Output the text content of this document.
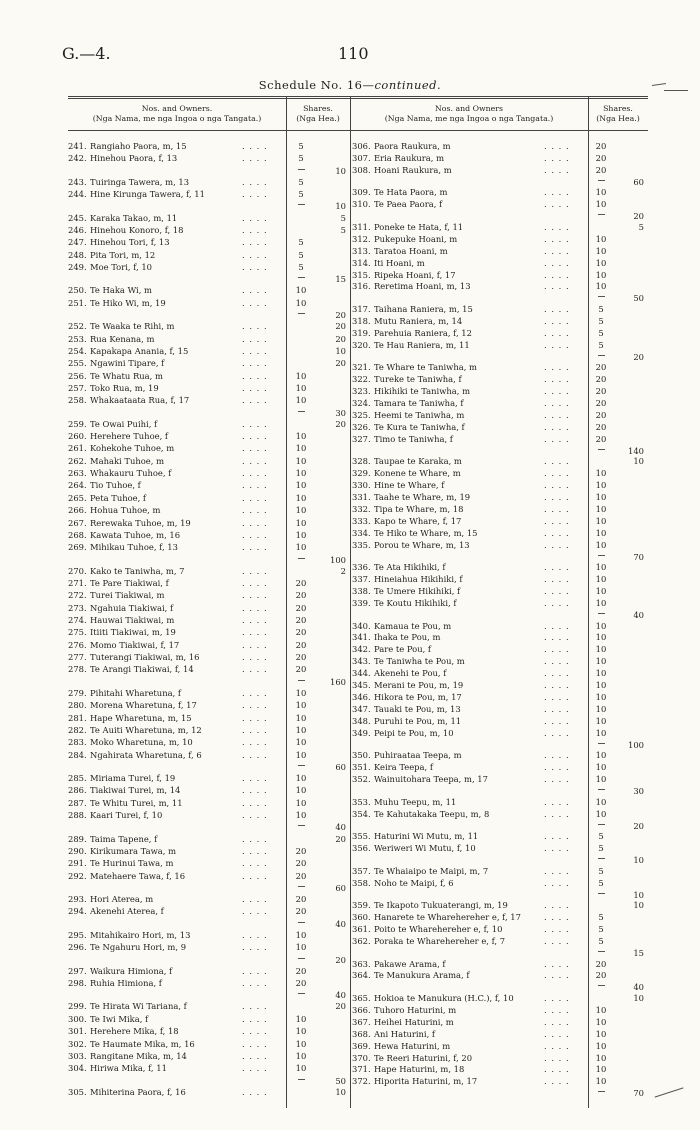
G.—4.	110
Schedule No. 16—continued.
Nos. and Owners.
(Nga Nama, me nga Ingoa o nga Tangata.)
Shares.
(Nga Hea.)
Nos. and Owners
(Nga Nama, me nga Ingoa o nga Tangata.)
Shares.
(Nga Hea.)
241. Rangiaho Paora, m, 15	. . . .	5
242. Hinehou Paora, f, 13	. . . .	5
10
243. Tuiringa Tawera, m, 13	. . . .	5
244. Hine Kirunga Tawera, f, 11	. . . .	5
10
245. Karaka Takao, m, 11	. . . .	5
246. Hinehou Konoro, f, 18	. . . .	5
247. Hinehou Tori, f, 13	. . . .	5
248. Pita Tori, m, 12	. . . .	5
249. Moe Tori, f, 10	. . . .	5
15
250. Te Haka Wi, m	. . . .	10
251. Te Hiko Wi, m, 19	. . . .	10
20
252. Te Waaka te Rihi, m	. . . .	20
253. Rua Kenana, m	. . . .	20
254. Kapakapa Anania, f, 15	. . . .	10
255. Ngawini Tipare, f	. . . .	20
256. Te Whatu Rua, m	. . . .	10
257. Toko Rua, m, 19	. . . .	10
258. Whakaataata Rua, f, 17	. . . .	10
30
259. Te Owai Puihi, f	. . . .	20
260. Herehere Tuhoe, f	. . . .	10
261. Kohekohe Tuhoe, m	. . . .	10
262. Mahaki Tuhoe, m	. . . .	10
263. Whakauru Tuhoe, f	. . . .	10
264. Tio Tuhoe, f	. . . .	10
265. Peta Tuhoe, f	. . . .	10
266. Hohua Tuhoe, m	. . . .	10
267. Rerewaka Tuhoe, m, 19	. . . .	10
268. Kawata Tuhoe, m, 16	. . . .	10
269. Mihikau Tuhoe, f, 13	. . . .	10
100
270. Kako te Taniwha, m, 7	. . . .	2
271. Te Pare Tiakiwai, f	. . . .	20
272. Turei Tiakiwai, m	. . . .	20
273. Ngahuia Tiakiwai, f	. . . .	20
274. Hauwai Tiakiwai, m	. . . .	20
275. Itiiti Tiakiwai, m, 19	. . . .	20
276. Momo Tiakiwai, f, 17	. . . .	20
277. Tuterangi Tiakiwai, m, 16	. . . .	20
278. Te Arangi Tiakiwai, f, 14	. . . .	20
160
279. Pihitahi Wharetuna, f	. . . .	10
280. Morena Wharetuna, f, 17	. . . .	10
281. Hape Wharetuna, m, 15	. . . .	10
282. Te Auiti Wharetuna, m, 12	. . . .	10
283. Moko Wharetuna, m, 10	. . . .	10
284. Ngahirata Wharetuna, f, 6	. . . .	10
60
285. Miriama Turei, f, 19	. . . .	10
286. Tiakiwai Turei, m, 14	. . . .	10
287. Te Whitu Turei, m, 11	. . . .	10
288. Kaari Turei, f, 10	. . . .	10
40
289. Taima Tapene, f	. . . .	20
290. Kirikumara Tawa, m	. . . .	20
291. Te Hurinui Tawa, m	. . . .	20
292. Matehaere Tawa, f, 16	. . . .	20
60
293. Hori Aterea, m	. . . .	20
294. Akenehi Aterea, f	. . . .	20
40
295. Mitahikairo Hori, m, 13	. . . .	10
296. Te Ngahuru Hori, m, 9	. . . .	10
20
297. Waikura Himiona, f	. . . .	20
298. Ruhia Himiona, f	. . . .	20
40
299. Te Hirata Wi Tariana, f	. . . .	20
300. Te Iwi Mika, f	. . . .	10
301. Herehere Mika, f, 18	. . . .	10
302. Te Haumate Mika, m, 16	. . . .	10
303. Rangitane Mika, m, 14	. . . .	10
304. Hiriwa Mika, f, 11	. . . .	10
50
305. Mihiterina Paora, f, 16	. . . .	10
306. Paora Raukura, m	. . . .	20
307. Eria Raukura, m	. . . .	20
308. Hoani Raukura, m	. . . .	20
60
309. Te Hata Paora, m	. . . .	10
310. Te Paea Paora, f	. . . .	10
20
311. Poneke te Hata, f, 11	. . . .	5
312. Pukepuke Hoani, m	. . . .	10
313. Taratoa Hoani, m	. . . .	10
314. Iti Hoani, m	. . . .	10
315. Ripeka Hoani, f, 17	. . . .	10
316. Reretima Hoani, m, 13	. . . .	10
50
317. Taihana Raniera, m, 15	. . . .	5
318. Mutu Raniera, m, 14	. . . .	5
319. Parehuia Raniera, f, 12	. . . .	5
320. Te Hau Raniera, m, 11	. . . .	5
20
321. Te Whare te Taniwha, m	. . . .	20
322. Tureke te Taniwha, f	. . . .	20
323. Hikihiki te Taniwha, m	. . . .	20
324. Tamara te Taniwha, f	. . . .	20
325. Heemi te Taniwha, m	. . . .	20
326. Te Kura te Taniwha, f	. . . .	20
327. Timo te Taniwha, f	. . . .	20
140
328. Taupae te Karaka, m	. . . .	10
329. Konene te Whare, m	. . . .	10
330. Hine te Whare, f	. . . .	10
331. Taahe te Whare, m, 19	. . . .	10
332. Tipa te Whare, m, 18	. . . .	10
333. Kapo te Whare, f, 17	. . . .	10
334. Te Hiko te Whare, m, 15	. . . .	10
335. Porou te Whare, m, 13	. . . .	10
70
336. Te Ata Hikihiki, f	. . . .	10
337. Hineiahua Hikihiki, f	. . . .	10
338. Te Umere Hikihiki, f	. . . .	10
339. Te Koutu Hikihiki, f	. . . .	10
40
340. Kamaua te Pou, m	. . . .	10
341. Ihaka te Pou, m	. . . .	10
342. Pare te Pou, f	. . . .	10
343. Te Taniwha te Pou, m	. . . .	10
344. Akenehi te Pou, f	. . . .	10
345. Merani te Pou, m, 19	. . . .	10
346. Hikora te Pou, m, 17	. . . .	10
347. Tauaki te Pou, m, 13	. . . .	10
348. Puruhi te Pou, m, 11	. . . .	10
349. Peipi te Pou, m, 10	. . . .	10
100
350. Puhiraataa Teepa, m	. . . .	10
351. Keira Teepa, f	. . . .	10
352. Wainuitohara Teepa, m, 17	. . . .	10
30
353. Muhu Teepu, m, 11	. . . .	10
354. Te Kahutakaka Teepu, m, 8	. . . .	10
20
355. Haturini Wi Mutu, m, 11	. . . .	5
356. Weriweri Wi Mutu, f, 10	. . . .	5
10
357. Te Whaiaipo te Maipi, m, 7	. . . .	5
358. Noho te Maipi, f, 6	. . . .	5
10
359. Te Ikapoto Tukuaterangi, m, 19	. . . .	10
360. Hanarete te Wharehereher e, f, 17	. . . .	5
361. Poito te Wharehereher e, f, 10	. . . .	5
362. Poraka te Wharehereher e, f, 7	. . . .	5
15
363. Pakawe Arama, f	. . . .	20
364. Te Manukura Arama, f	. . . .	20
40
365. Hokioa te Manukura (H.C.), f, 10	. . . .	10
366. Tuhoro Haturini, m	. . . .	10
367. Heihei Haturini, m	. . . .	10
368. Ani Haturini, f	. . . .	10
369. Hewa Haturini, m	. . . .	10
370. Te Reeri Haturini, f, 20	. . . .	10
371. Hape Haturini, m, 18	. . . .	10
372. Hiporita Haturini, m, 17	. . . .	10
70
